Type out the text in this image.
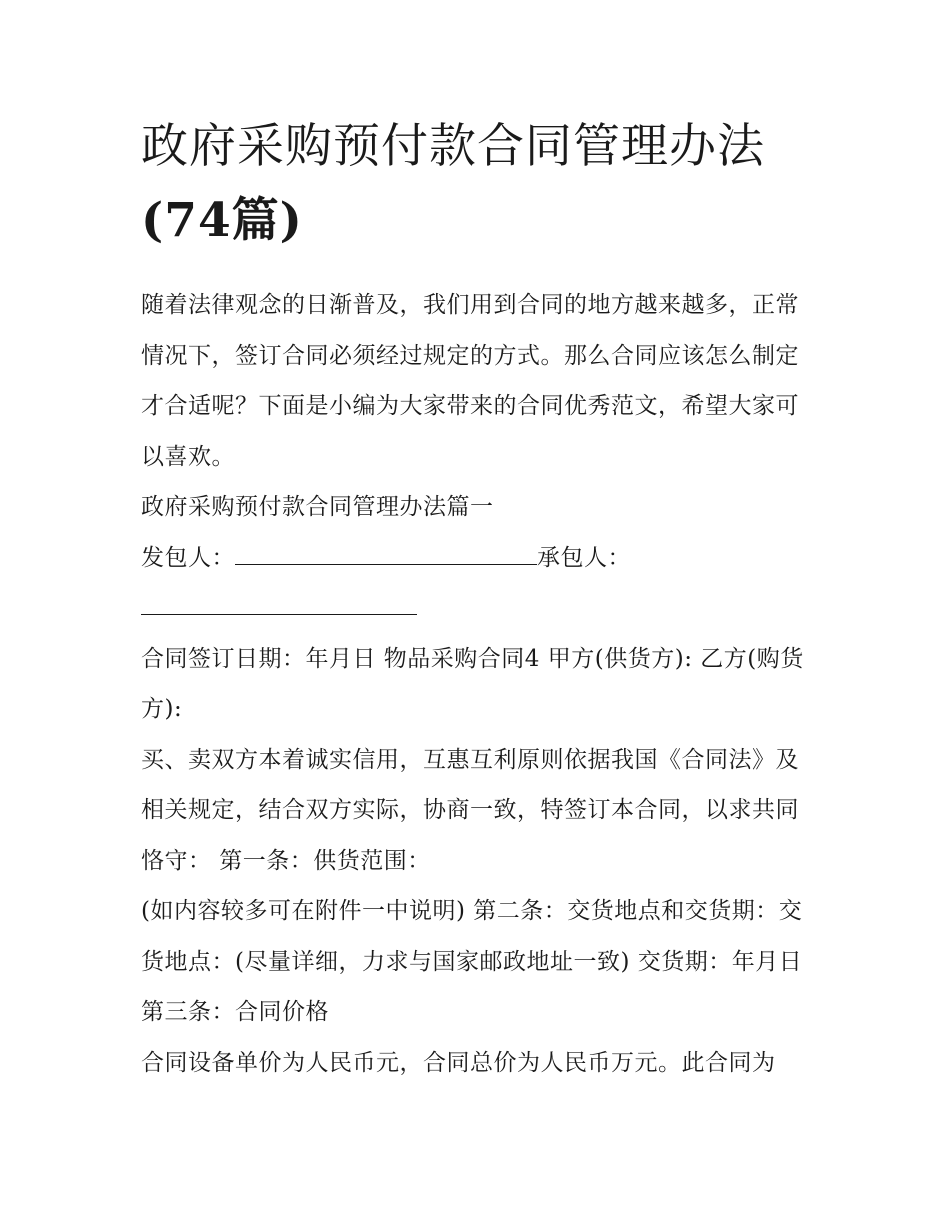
政府采购预付款合同管理办法
(74篇)

随着法律观念的日渐普及，我们用到合同的地方越来越多，正常情况下，签订合同必须经过规定的方式。那么合同应该怎么制定才合适呢？下面是小编为大家带来的合同优秀范文，希望大家可以喜欢。

政府采购预付款合同管理办法篇一

发包人：	承包人：

合同签订日期：年月日 物品采购合同4 甲方(供货方): 乙方(购货方):

买、卖双方本着诚实信用，互惠互利原则依据我国《合同法》及相关规定，结合双方实际，协商一致，特签订本合同，以求共同恪守： 第一条：供货范围：

(如内容较多可在附件一中说明) 第二条：交货地点和交货期：交货地点：(尽量详细，力求与国家邮政地址一致) 交货期：年月日 第三条：合同价格

合同设备单价为人民币元，合同总价为人民币万元。此合同为
